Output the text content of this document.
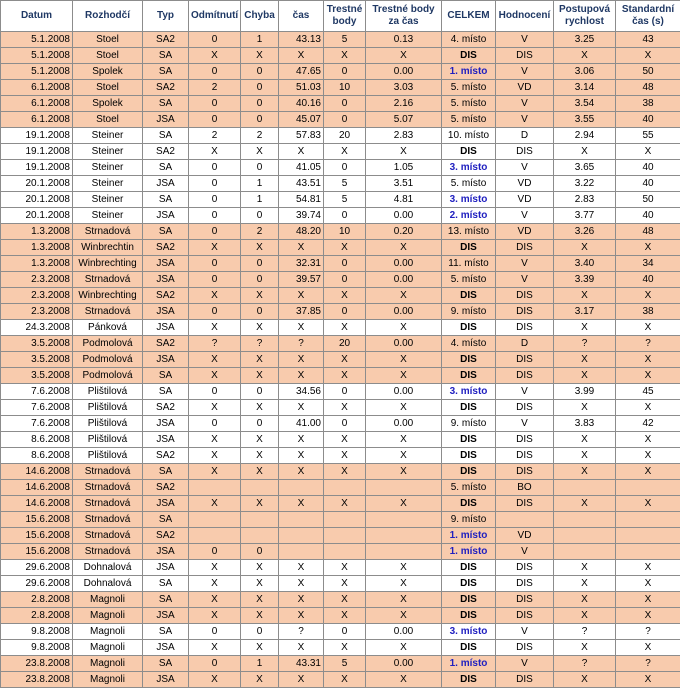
Datum	Rozhodčí	Typ	Odmítnutí	Chyba	čas	Trestné body	Trestné body za čas	CELKEM	Hodnocení	Postupová rychlost	Standardní čas (s)
5.1.2008	Stoel	SA2	0	1	43.13	5	0.13	4. místo	V	3.25	43
5.1.2008	Stoel	SA	X	X	X	X	X	DIS	DIS	X	X
5.1.2008	Spolek	SA	0	0	47.65	0	0.00	1. místo	V	3.06	50
6.1.2008	Stoel	SA2	2	0	51.03	10	3.03	5. místo	VD	3.14	48
6.1.2008	Spolek	SA	0	0	40.16	0	2.16	5. místo	V	3.54	38
6.1.2008	Stoel	JSA	0	0	45.07	0	5.07	5. místo	V	3.55	40
19.1.2008	Steiner	SA	2	2	57.83	20	2.83	10. místo	D	2.94	55
19.1.2008	Steiner	SA2	X	X	X	X	X	DIS	DIS	X	X
19.1.2008	Steiner	SA	0	0	41.05	0	1.05	3. místo	V	3.65	40
20.1.2008	Steiner	JSA	0	1	43.51	5	3.51	5. místo	VD	3.22	40
20.1.2008	Steiner	SA	0	1	54.81	5	4.81	3. místo	VD	2.83	50
20.1.2008	Steiner	JSA	0	0	39.74	0	0.00	2. místo	V	3.77	40
1.3.2008	Strnadová	SA	0	2	48.20	10	0.20	13. místo	VD	3.26	48
1.3.2008	Winbrechtin	SA2	X	X	X	X	X	DIS	DIS	X	X
1.3.2008	Winbrechting	JSA	0	0	32.31	0	0.00	11. místo	V	3.40	34
2.3.2008	Strnadová	JSA	0	0	39.57	0	0.00	5. místo	V	3.39	40
2.3.2008	Winbrechting	SA2	X	X	X	X	X	DIS	DIS	X	X
2.3.2008	Strnadová	JSA	0	0	37.85	0	0.00	9. místo	DIS	3.17	38
24.3.2008	Pánková	JSA	X	X	X	X	X	DIS	DIS	X	X
3.5.2008	Podmolová	SA2	?	?	?	20	0.00	4. místo	D	?	?
3.5.2008	Podmolová	JSA	X	X	X	X	X	DIS	DIS	X	X
3.5.2008	Podmolová	SA	X	X	X	X	X	DIS	DIS	X	X
7.6.2008	Plištilová	SA	0	0	34.56	0	0.00	3. místo	V	3.99	45
7.6.2008	Plištilová	SA2	X	X	X	X	X	DIS	DIS	X	X
7.6.2008	Plištilová	JSA	0	0	41.00	0	0.00	9. místo	V	3.83	42
8.6.2008	Plištilová	JSA	X	X	X	X	X	DIS	DIS	X	X
8.6.2008	Plištilová	SA2	X	X	X	X	X	DIS	DIS	X	X
14.6.2008	Strnadová	SA	X	X	X	X	X	DIS	DIS	X	X
14.6.2008	Strnadová	SA2						5. místo	BO		
14.6.2008	Strnadová	JSA	X	X	X	X	X	DIS	DIS	X	X
15.6.2008	Strnadová	SA						9. místo			
15.6.2008	Strnadová	SA2						1. místo	VD		
15.6.2008	Strnadová	JSA	0	0				1. místo	V		
29.6.2008	Dohnalová	JSA	X	X	X	X	X	DIS	DIS	X	X
29.6.2008	Dohnalová	SA	X	X	X	X	X	DIS	DIS	X	X
2.8.2008	Magnoli	SA	X	X	X	X	X	DIS	DIS	X	X
2.8.2008	Magnoli	JSA	X	X	X	X	X	DIS	DIS	X	X
9.8.2008	Magnoli	SA	0	0	?	0	0.00	3. místo	V	?	?
9.8.2008	Magnoli	JSA	X	X	X	X	X	DIS	DIS	X	X
23.8.2008	Magnoli	SA	0	1	43.31	5	0.00	1. místo	V	?	?
23.8.2008	Magnoli	JSA	X	X	X	X	X	DIS	DIS	X	X
